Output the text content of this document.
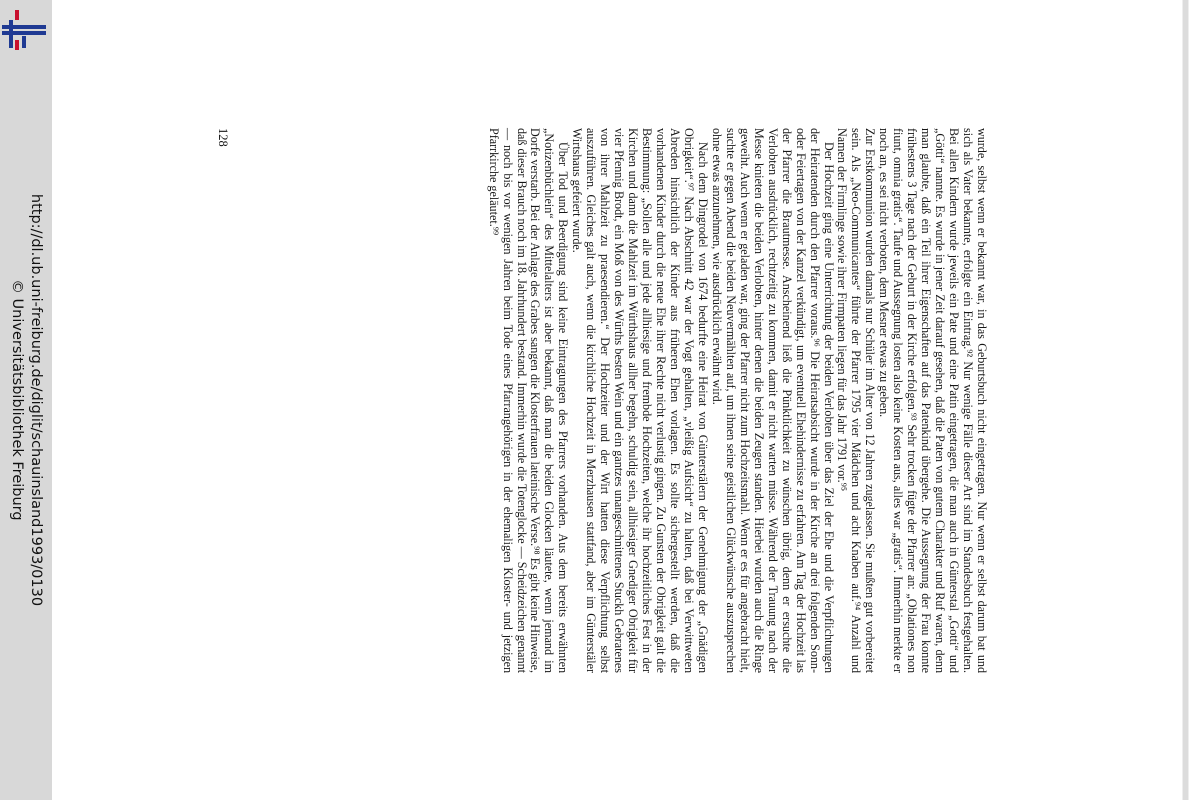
http://dl.ub.uni-freiburg.de/diglit/schauinsland1993/0130
© Universitätsbibliothek Freiburg	wurde, selbst wenn er bekannt war, in das Geburtsbuch nicht eingetragen. Nur wenn er selbst darum bat und sich als Vater bekannte, erfolgte ein Eintrag.⁹² Nur wenige Fälle dieser Art sind im Standesbuch festgehalten. Bei allen Kindern wurde jeweils ein Pate und eine Patin eingetragen, die man auch in Günterstal „Gotti“ und „Götti“ nannte. Es wurde in jener Zeit darauf gesehen, daß die Paten von gutem Charakter und Ruf waren, denn man glaubte, daß ein Teil ihrer Eigenschaften auf das Patenkind übergehe. Die Aussegnung der Frau konnte frühestens 3 Tage nach der Geburt in der Kirche erfolgen.⁹³ Sehr trocken fügte der Pfarrer an: „Oblationes non fiunt, omnia gratis“. Taufe und Aussegnung losten also keine Kosten aus, alles war „gratis“. Immerhin merkte er noch an, es sei nicht verboten, dem Mesner etwas zu geben.

Zur Erstkommunion wurden damals nur Schüler im Alter von 12 Jahren zugelassen. Sie mußten gut vorbereitet sein. Als „Neo-Communicantes“ führte der Pfarrer 1795 vier Mädchen und acht Knaben auf.⁹⁴ Anzahl und Namen der Firmlinge sowie ihrer Firmpaten liegen für das Jahr 1791 vor.⁹⁵

Der Hochzeit ging eine Unterrichtung der beiden Verlobten über das Ziel der Ehe und die Verpflichtungen der Heiratenden durch den Pfarrer voraus.⁹⁶ Die Heiratsabsicht wurde in der Kirche an drei folgenden Sonn- oder Feiertagen von der Kanzel verkündigt, um eventuell Ehehindernisse zu erfahren. Am Tag der Hochzeit las der Pfarrer die Brautmesse. Anscheinend ließ die Pünktlichkeit zu wünschen übrig, denn er ersuchte die Verlobten ausdrücklich, rechtzeitig zu kommen, damit er nicht warten müsse. Während der Trauung nach der Messe knieten die beiden Verlobten, hinter denen die beiden Zeugen standen. Hierbei wurden auch die Ringe geweiht. Auch wenn er geladen war, ging der Pfarrer nicht zum Hochzeitsmahl. Wenn er es für angebracht hielt, suchte er gegen Abend die beiden Neuvermählten auf, um ihnen seine geistlichen Glückwünsche auszusprechen ohne etwas anzunehmen, wie ausdrücklich erwähnt wird.

Nach dem Dingrodel von 1674 bedurfte eine Heirat von Günterstälern der Genehmigung der „Gnädigen Obrigkeit“.⁹⁷ Nach Abschnitt 42 war der Vogt gehalten, „vleißig Aufsicht“ zu halten, daß bei Verwittweten Abreden hinsichtlich der Kinder aus früheren Ehen vorlagen. Es sollte sichergestellt werden, daß die vorhandenen Kinder durch die neue Ehe ihrer Rechte nicht verlustig gingen. Zu Gunsten der Obrigkeit galt die Bestimmung: „Sollen alle und jede allhiesige und frembde Hochzeiten, welche ihr hochzeitliches Fest in der Kirchen und dann die Mahlzeit im Würthshaus allher begehn, schuldig sein, allhiesiger Gnediger Obrigkeit für vier Pfennig Brodt, ein Moß von des Würths besten Wein und ein gantzes unangeschnittenes Stuckh Gebratenes von ihrer Mahlzeit zu praesendieren.“ Der Hochzeiter und der Wirt hatten diese Verpflichtung selbst auszuführen. Gleiches galt auch, wenn die kirchliche Hochzeit in Merzhausen stattfand, aber im Günterstäler Wirtshaus gefeiert wurde.

Über Tod und Beerdigung sind keine Eintragungen des Pfarrers vorhanden. Aus dem bereits erwähnten „Notizenbüchlein“ des Mittelalters ist aber bekannt, daß man die beiden Glocken läutete, wenn jemand im Dorfe verstarb. Bei der Anlage des Grabes sangen die Klosterfrauen lateinische Verse.⁹⁸ Es gibt keine Hinweise, daß dieser Brauch noch im 18. Jahrhundert bestand. Immerhin wurde die Totenglocke — Scheidzeichen genannt — noch bis vor wenigen Jahren beim Tode eines Pfarrangehörigen in der ehemaligen Kloster- und jetzigen Pfarrkirche geläutet.⁹⁹

128
